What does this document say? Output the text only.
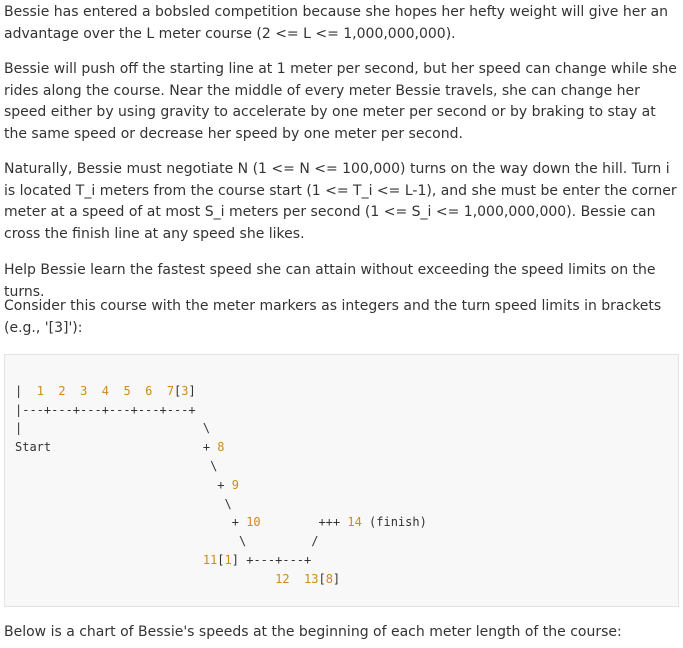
Bessie has entered a bobsled competition because she hopes her hefty weight will give her an advantage over the L meter course (2 <= L <= 1,000,000,000).

Bessie will push off the starting line at 1 meter per second, but her speed can change while she rides along the course. Near the middle of every meter Bessie travels, she can change her speed either by using gravity to accelerate by one meter per second or by braking to stay at the same speed or decrease her speed by one meter per second.

Naturally, Bessie must negotiate N (1 <= N <= 100,000) turns on the way down the hill. Turn i is located T_i meters from the course start (1 <= T_i <= L-1), and she must be enter the corner meter at a speed of at most S_i meters per second (1 <= S_i <= 1,000,000,000). Bessie can cross the finish line at any speed she likes.

Help Bessie learn the fastest speed she can attain without exceeding the speed limits on the turns.

Consider this course with the meter markers as integers and the turn speed limits in brackets (e.g., '[3]'):

Below is a chart of Bessie's speeds at the beginning of each meter length of the course:

|  1 2 3 4 5 6 7[3]
|---+---+---+---+---+---+
|                         \
Start                     + 8
\
+ 9
\
+ 10        +++ 14 (finish)
\         /
11[1] +---+---+
12 13[8]
